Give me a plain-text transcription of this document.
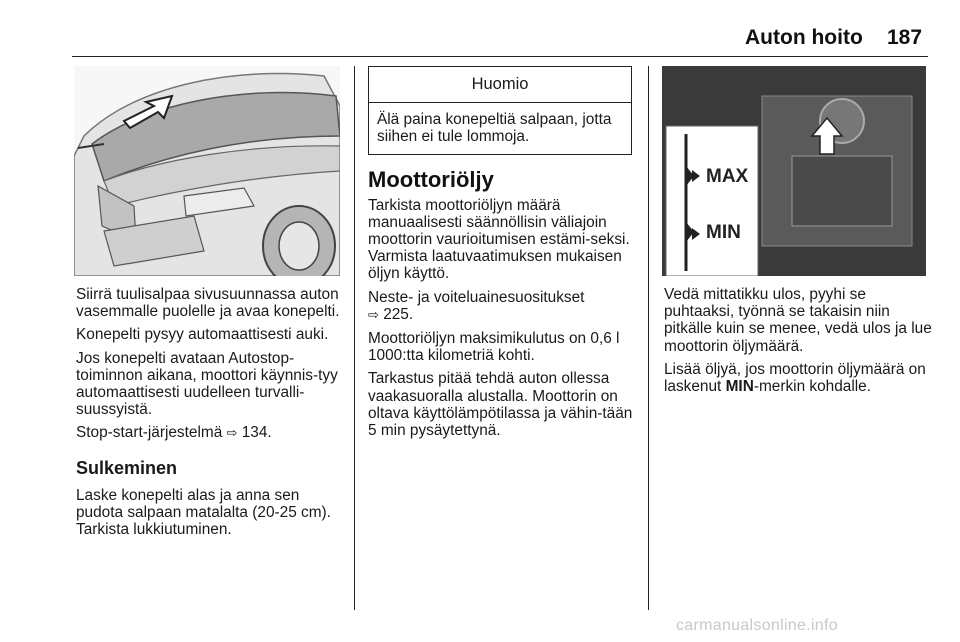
Auton hoito 187
MAX
MIN

Siirrä tuulisalpaa sivusuunnassa auton vasemmalle puolelle ja avaa konepelti.

Konepelti pysyy automaattisesti auki.

Jos konepelti avataan Autostop-toiminnon aikana, moottori käynnis-tyy automaattisesti uudelleen turvalli-suussyistä.

Stop-start-järjestelmä ⇨ 134.

Sulkeminen

Laske konepelti alas ja anna sen pudota salpaan matalalta (20-25 cm). Tarkista lukkiutuminen.

Huomio
Älä paina konepeltiä salpaan, jotta siihen ei tule lommoja.
Moottoriöljy

Tarkista moottoriöljyn määrä manuaalisesti säännöllisin väliajoin moottorin vaurioitumisen estämi-seksi. Varmista laatuvaatimuksen mukaisen öljyn käyttö.

Neste- ja voiteluainesuositukset
⇨ 225.

Moottoriöljyn maksimikulutus on 0,6 l 1000:tta kilometriä kohti.

Tarkastus pitää tehdä auton ollessa vaakasuoralla alustalla. Moottorin on oltava käyttölämpötilassa ja vähin-tään 5 min pysäytettynä.

Vedä mittatikku ulos, pyyhi se puhtaaksi, työnnä se takaisin niin pitkälle kuin se menee, vedä ulos ja lue moottorin öljymäärä.

Lisää öljyä, jos moottorin öljymäärä on laskenut MIN-merkin kohdalle.

carmanualsonline.info
